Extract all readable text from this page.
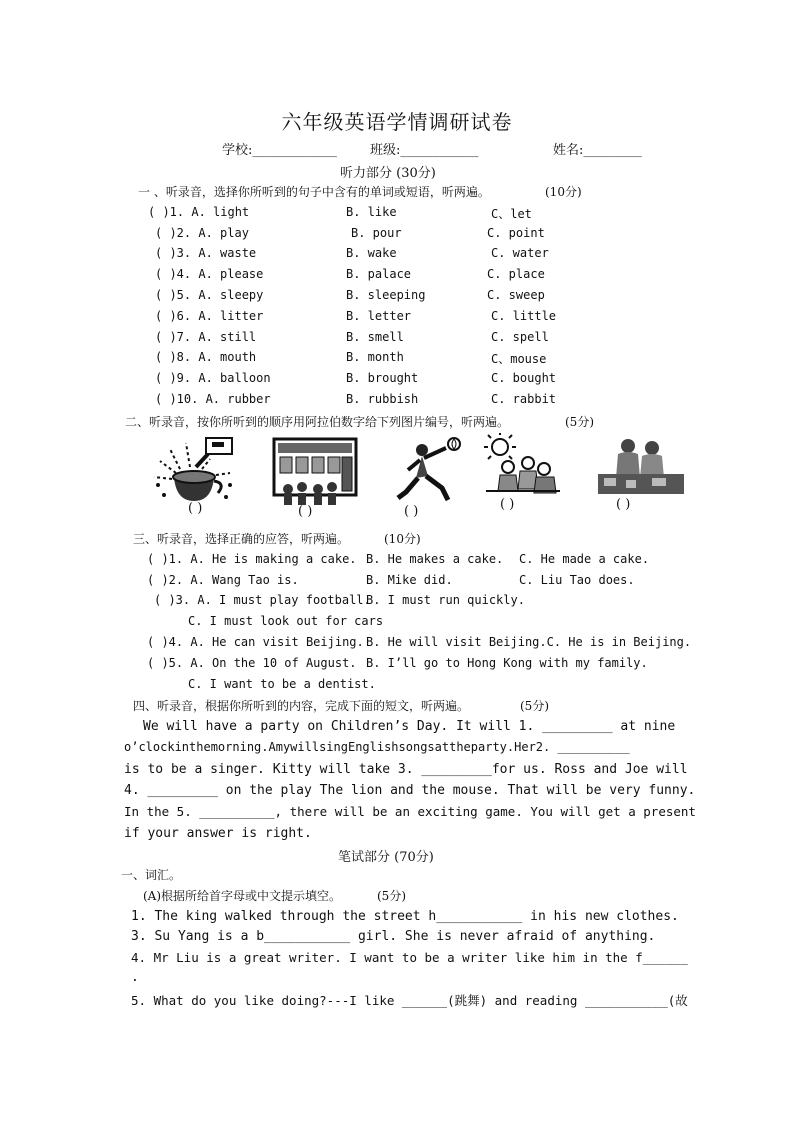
六年级英语学情调研试卷
学校:_____________	班级:____________	姓名:_________
听力部分 (30分)
一 、听录音，选择你所听到的句子中含有的单词或短语，听两遍。	(10分)
( )1. A. light	B. like	C、let
( )2. A. play	B. pour	C. point
( )3. A. waste	B. wake	C. water
( )4. A. please	B. palace	C. place
( )5. A. sleepy	B. sleeping	C. sweep
( )6. A. litter	B. letter	C. little
( )7. A. still	B. smell	C. spell
( )8. A. mouth	B. month	C、mouse
( )9. A. balloon	B. brought	C. bought
( )10. A. rubber	B. rubbish	C. rabbit
二、听录音，按你所听到的顺序用阿拉伯数字给下列图片编号，听两遍。	(5分)
( )	( )	( )	( )	( )
三、听录音，选择正确的应答，听两遍。	(10分)
( )1. A. He is making a cake. B. He makes a cake. C. He made a cake.
( )2. A. Wang Tao is.	B. Mike did.	C. Liu Tao does.
( )3. A. I must play football.
B. I must run quickly.
C. I must look out for cars
( )4. A. He can visit Beijing. B. He will visit Beijing.C. He is in Beijing.
( )5. A. On the 10 of August. B. I’ll go to Hong Kong with my family.
C. I want to be a dentist.
四、听录音，根据你所听到的内容，完成下面的短文，听两遍。	(5分)
We will have a party on Children’s Day. It will 1. _________ at nine
o’clockinthemorning.AmywillsingEnglishsongsattheparty.Her2. __________
is to be a singer. Kitty will take 3. _________for us. Ross and Joe will
4. _________ on the play The lion and the mouse. That will be very funny.
In the 5. __________, there will be an exciting game. You will get a present
if your answer is right.
笔试部分 (70分)
一、词汇。
(A)根据所给首字母或中文提示填空。	(5分)
1. The king walked through the street h___________ in his new clothes.
3. Su Yang is a b___________ girl. She is never afraid of anything.
4. Mr Liu is a great writer. I want to be a writer like him in the f______
.
5. What do you like doing?---I like ______(跳舞) and reading ___________(故
